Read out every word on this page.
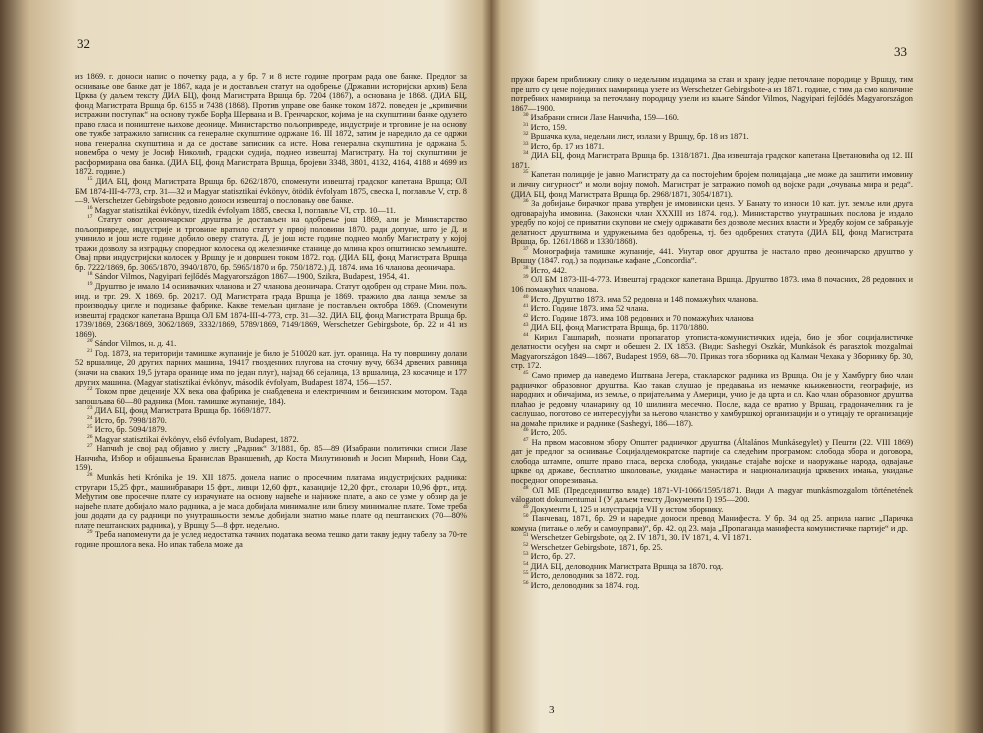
32

из 1869. г. доноси напис о почетку рада, а у бр. 7 и 8 исте године програм рада ове банке. Предлог за оснивање ове банке дат је 1867, када је и достављен статут на одобрење (Државни историјски архив) Бела Црква (у даљем тексту ДИА БЦ), фонд Магистрата Вршца бр. 7204 (1867), а основана је 1868. (ДИА БЦ, фонд Магистрата Вршца бр. 6155 и 7438 (1868). Против управе ове банке током 1872. поведен је „кривични истражни поступак“ на основу тужбе Борђа Шервана и В. Гренчарског, којима је на скупштини банке одузето право гласа и поништене њихове деонице. Министарство пољопривреде, индустрије и трговине је на основу ове тужбе затражило записник са генералне скупштине одржане 16. III 1872, затим је наредило да се одржи нова генерална скупштина и да се доставе записник са исте. Нова генерална скупштина је одржана 5. новембра о чему је Јосиф Николић, градски судија, поднео извештај Магистрату. На тој скупштини је расформирана ова банка. (ДИА БЦ, фонд Магистрата Вршца, бројеви 3348, 3801, 4132, 4164, 4188 и 4699 из 1872. године.)

$^{15}$ ДИА БЦ, фонд Магистрата Вршца бр. 6262/1870, споменути извештај градског капетана Вршца; ОЛ БМ 1874-III-4-773, стр. 31—32 и Magyar statisztikai évkönyv, ötödik évfolyam 1875, свеска I, поглавље V, стр. 8—9. Werschetzer Gebirgsbote редовно доноси извештај о пословању ове банке.

$^{16}$ Magyar statisztikai évkönyv, tizedik évfolyam 1885, свеска I, поглавље VI, стр. 10—11.

$^{17}$ Статут овог деоничарског друштва је достављен на одобрење још 1869, али је Министарство пољопривреде, индустрије и трговине вратило статут у првој половини 1870. ради допуне, што је Д. и учинило и још исте године добило оверу статута. Д. је још исте године поднео молбу Магистрату у којој тражи дозволу за изградњу споредног колосека од железничке станице до млина кроз општинско земљиште. Овај први индустријски колосек у Вршцу је и довршен током 1872. год. (ДИА БЦ, фонд Магистрата Вршца бр. 7222/1869, бр. 3065/1870, 3940/1870, бр. 5965/1870 и бр. 750/1872.) Д. 1874. има 16 чланова деоничара.

$^{18}$ Sándor Vilmos, Nagyipari fejlődés Magyarországon 1867—1900, Szikra, Budapest, 1954, 41.

$^{19}$ Друштво је имало 14 оснивачких чланова и 27 чланова деоничара. Статут одобрен од стране Мин. пољ. инд. и трг. 29. X 1869. бр. 20217. ОД Магистрата града Вршца је 1869. тражило два ланца земље за производњу цигле и подизање фабрике. Какве темељан циглане је постављен октобра 1869. (Споменути извештај градског капетана Вршца ОЛ БМ 1874-III-4-773, стр. 31—32. ДИА БЦ, фонд Магистрата Вршца бр. 1739/1869, 2368/1869, 3062/1869, 3332/1869, 5789/1869, 7149/1869, Werschetzer Gebirgsbote, бр. 22 и 41 из 1869).

$^{20}$ Sándor Vilmos, н. д. 41.

$^{21}$ Год. 1873, на територији тамишке жупаније је било је 510020 кат. јут. ораница. На ту површину долази 52 вршалице, 20 других парних машина, 19417 гвозденних плугова на сточну вучу, 6634 дрвених равница (значи на сваких 19,5 јутара оранице има по један плуг), најзад 66 сејалица, 13 вршалица, 23 косачице и 177 других машина. (Magyar statisztikai évkönyv, második évfolyam, Budapest 1874, 156—157.

$^{22}$ Током прве деценије XX века ова фабрика је снабдевена и електричним и бензинским мотором. Тада запошљава 60—80 радника (Мон. тамишке жупаније, 184).

$^{23}$ ДИА БЦ, фонд Магистрата Вршца бр. 1669/1877.

$^{24}$ Исто, бр. 7998/1870.

$^{25}$ Исто, бр. 5094/1879.

$^{26}$ Magyar statisztikai évkönyv, első évfolyam, Budapest, 1872.

$^{27}$ Напчић је свој рад објавио у листу „Радник“ 3/1881, бр. 85—89 (Изабрани политички списи Лазе Нанчића, Избор и објашњења Бранислав Враншевић, др Коста Милутиновић и Јосип Мирнић, Нови Сад, 159).

$^{28}$ Munkás heti Krónika је 19. XII 1875. донела напис о просечним платама индустријских радника: стругари 15,25 фрт., машинбравари 15 фрт., ливци 12,60 фрт., казанџије 12,20 фрт., столари 10,96 фрт., итд. Међутим ове просечне плате су израчунате на основу највеће и најниже плате, а ако се узме у обзир да је највеће плате добијало мало радника, а је маса добијала минималне или близу минималне плате. Томе треба још додати да су радници по унутрашњости земље добијали знатно мање плате од пештанских (70—80% плате пештанских радника), у Вршцу 5—8 фрт. недељно.

$^{29}$ Треба напоменути да је услед недостатка тачних података веома тешко дати такву једну табелу за 70-те године прошлога века. Но ипак табела може да

33

пружи барем приближну слику о недељним издацима за стан и храну једне петочлане породице у Вршцу, тим пре што су цене појединих намирница узете из Werschetzer Gebirgsbote-а из 1871. године, с тим да смо количине потребних намирница за петочлану породицу узели из књиге Sándor Vilmos, Nagyipari fejlődés Magyarországon 1867—1900.

$^{30}$ Изабрани списи Лазе Нанчића, 159—160.

$^{31}$ Исто, 159.

$^{32}$ Вршачка кула, недељни лист, излази у Вршцу, бр. 18 из 1871.

$^{33}$ Исто, бр. 17 из 1871.

$^{34}$ ДИА БЦ, фонд Магистрата Вршца бр. 1318/1871. Два извештаја градског капетана Цветановића од 12. III 1871.

$^{35}$ Капетан полиције је јавно Магистрату да са постојећим бројем полицајаца „не може да заштити имовину и личну сигурност“ и моли војну помоћ. Магистрат је затражио помоћ од војске ради „очувања мира и реда“. (ДИА БЦ, фонд Магистрата Вршца бр. 2968/1871, 3054/1871).

$^{36}$ За добијање бирачког права утврђен је имовински ценз. У Банату то износи 10 кат. јут. земље или друга одговарајућа имовина. (Законски члан XXXIII из 1874. год.). Министарство унутрашњих послова је издало уредбу по којој се приватни скупови не смеју одржавати без дозволе месних власти и Уредбу којом се забрањује делатност друштвима и удружењима без одобрења, тј. без одобрених статута (ДИА БЦ, фонд Магистрата Вршца, бр. 1261/1868 и 1330/1868).

$^{37}$ Монографија тамишке жупаније, 441. Унутар овог друштва је настало прво деоничарско друштво у Вршцу (1847. год.) за подизање кафане „Concordia“.

$^{38}$ Исто, 442.

$^{39}$ ОЛ БМ 1873-III-4-773. Извештај градског капетана Вршца. Друштво 1873. има 8 почасних, 28 редовних и 106 помажућих чланова.

$^{40}$ Исто. Друштво 1873. има 52 редовна и 148 помажућих чланова.

$^{41}$ Исто. Године 1873. има 52 члана.

$^{42}$ Исто. Године 1873. има 108 редовних и 70 помажућих чланова

$^{43}$ ДИА БЦ, фонд Магистрата Вршца, бр. 1170/1880.

$^{44}$ Кирил Гашпарић, познати пропагатор утописта-комунистичких идеја, био је због социјалистичке делатности осуђен на смрт и обешен 2. IX 1853. (Види: Sashegyi Oszkár, Munkások és parasztok mozgalmai Magyarországon 1849—1867, Budapest 1959, 68—70. Приказ тога зборника од Калман Чехака у Зборнику бр. 30, стр. 172.

$^{45}$ Само пример да наведемо Иштвана Јегера, стакларског радника из Вршца. Он је у Хамбургу био члан радничког образовног друштва. Као такав слушао је предавања из немачке књижевности, географије, из народних и обичајима, из земље, о пријатељима у Америци, учио је да црта и сл. Као члан образовног друштва плаћао је редовну чланарину од 10 шилинга месечно. После, када се вратио у Вршац, градоначелник га је саслушао, поготово се интересујући за његово чланство у хамбуршкој организацији и о утицају те организације на домаће прилике и раднике (Sashegyi, 186—187).

$^{46}$ Исто, 205.

$^{47}$ На првом масовном збору Општег радничког друштва (Általános Munkásegylet) у Пешти (22. VIII 1869) дат је предлог за оснивање Социјалдемократске партије са следећим програмом: слобода збора и договора, слобода штампе, опште право гласа, верска слобода, укидање стајаће војске и наоружање народа, одвајање цркве од државе, бесплатно школовање, укидање манастира и национализација црквених имања, укидање посредног опорезивања.

$^{48}$ ОЛ МЕ (Председништво владе) 1871-VI-1066/1595/1871. Види А magyar munkásmozgalom történetének válogatott dokumentumai I (У даљем тексту Документи I) 195—200.

$^{49}$ Документи I, 125 и илустрација VII у истом зборнику.

$^{50}$ Панчевац, 1871, бр. 29 и наредне доноси превод Манифеста. У бр. 34 од 25. априла напис „Паричка комуна (питање о лебу и самоуправи)“, бр. 42. од 23. маја „Пропаганда манифеста комунистичке партије“ и др.

$^{51}$ Werschetzer Gebirgsbote, од 2. IV 1871, 30. IV 1871, 4. VI 1871.

$^{52}$ Werschetzer Gebirgsbote, 1871, бр. 25.

$^{53}$ Исто, бр. 27.

$^{54}$ ДИА БЦ, деловодник Магистрата Вршца за 1870. год.

$^{55}$ Исто, деловодник за 1872. год.

$^{56}$ Исто, деловодник за 1874. год.

3
